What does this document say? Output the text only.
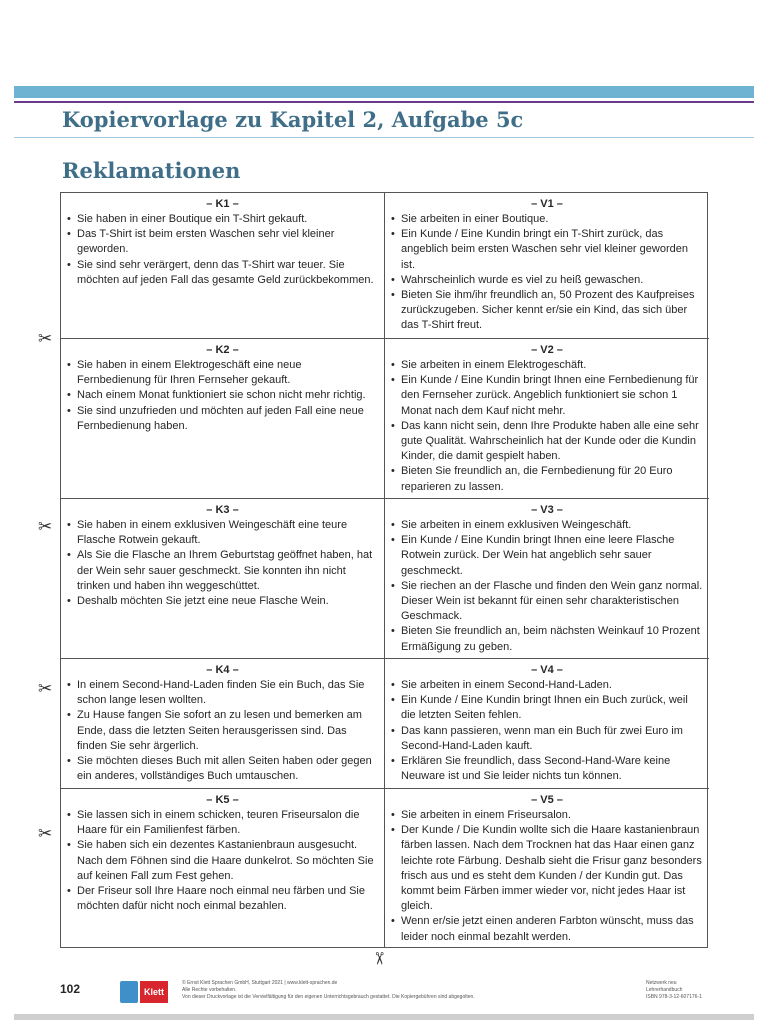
Kopiervorlage zu Kapitel 2, Aufgabe 5c
Reklamationen
– K1 –
• Sie haben in einer Boutique ein T-Shirt gekauft.
• Das T-Shirt ist beim ersten Waschen sehr viel kleiner geworden.
• Sie sind sehr verärgert, denn das T-Shirt war teuer. Sie möchten auf jeden Fall das gesamte Geld zurückbekommen.
– V1 –
• Sie arbeiten in einer Boutique.
• Ein Kunde / Eine Kundin bringt ein T-Shirt zurück, das angeblich beim ersten Waschen sehr viel kleiner geworden ist.
• Wahrscheinlich wurde es viel zu heiß gewaschen.
• Bieten Sie ihm/ihr freundlich an, 50 Prozent des Kaufpreises zurückzugeben. Sicher kennt er/sie ein Kind, das sich über das T-Shirt freut.
– K2 –
• Sie haben in einem Elektrogeschäft eine neue Fernbedienung für Ihren Fernseher gekauft.
• Nach einem Monat funktioniert sie schon nicht mehr richtig.
• Sie sind unzufrieden und möchten auf jeden Fall eine neue Fernbedienung haben.
– V2 –
• Sie arbeiten in einem Elektrogeschäft.
• Ein Kunde / Eine Kundin bringt Ihnen eine Fernbedienung für den Fernseher zurück. Angeblich funktioniert sie schon 1 Monat nach dem Kauf nicht mehr.
• Das kann nicht sein, denn Ihre Produkte haben alle eine sehr gute Qualität. Wahrscheinlich hat der Kunde oder die Kundin Kinder, die damit gespielt haben.
• Bieten Sie freundlich an, die Fernbedienung für 20 Euro reparieren zu lassen.
– K3 –
• Sie haben in einem exklusiven Weingeschäft eine teure Flasche Rotwein gekauft.
• Als Sie die Flasche an Ihrem Geburtstag geöffnet haben, hat der Wein sehr sauer geschmeckt. Sie konnten ihn nicht trinken und haben ihn weggeschüttet.
• Deshalb möchten Sie jetzt eine neue Flasche Wein.
– V3 –
• Sie arbeiten in einem exklusiven Weingeschäft.
• Ein Kunde / Eine Kundin bringt Ihnen eine leere Flasche Rotwein zurück. Der Wein hat angeblich sehr sauer geschmeckt.
• Sie riechen an der Flasche und finden den Wein ganz normal. Dieser Wein ist bekannt für einen sehr charakteristischen Geschmack.
• Bieten Sie freundlich an, beim nächsten Weinkauf 10 Prozent Ermäßigung zu geben.
– K4 –
• In einem Second-Hand-Laden finden Sie ein Buch, das Sie schon lange lesen wollten.
• Zu Hause fangen Sie sofort an zu lesen und bemerken am Ende, dass die letzten Seiten herausgerissen sind. Das finden Sie sehr ärgerlich.
• Sie möchten dieses Buch mit allen Seiten haben oder gegen ein anderes, vollständiges Buch umtauschen.
– V4 –
• Sie arbeiten in einem Second-Hand-Laden.
• Ein Kunde / Eine Kundin bringt Ihnen ein Buch zurück, weil die letzten Seiten fehlen.
• Das kann passieren, wenn man ein Buch für zwei Euro im Second-Hand-Laden kauft.
• Erklären Sie freundlich, dass Second-Hand-Ware keine Neuware ist und Sie leider nichts tun können.
– K5 –
• Sie lassen sich in einem schicken, teuren Friseursalon die Haare für ein Familienfest färben.
• Sie haben sich ein dezentes Kastanienbraun ausgesucht. Nach dem Föhnen sind die Haare dunkelrot. So möchten Sie auf keinen Fall zum Fest gehen.
• Der Friseur soll Ihre Haare noch einmal neu färben und Sie möchten dafür nicht noch einmal bezahlen.
– V5 –
• Sie arbeiten in einem Friseursalon.
• Der Kunde / Die Kundin wollte sich die Haare kastanienbraun färben lassen. Nach dem Trocknen hat das Haar einen ganz leichte rote Färbung. Deshalb sieht die Frisur ganz besonders frisch aus und es steht dem Kunden / der Kundin gut. Das kommt beim Färben immer wieder vor, nicht jedes Haar ist gleich.
• Wenn er/sie jetzt einen anderen Farbton wünscht, muss das leider noch einmal bezahlt werden.
✂
✂
✂
✂
✂
102	Klett
© Ernst Klett Sprachen GmbH, Stuttgart 2021 | www.klett-sprachen.de
Alle Rechte vorbehalten.
Von dieser Druckvorlage ist die Vervielfältigung für den eigenen Unterrichtsgebrauch gestattet. Die Kopiergebühren sind abgegolten.
Netzwerk neu
Lehrerhandbuch
ISBN 978-3-12-607176-1
